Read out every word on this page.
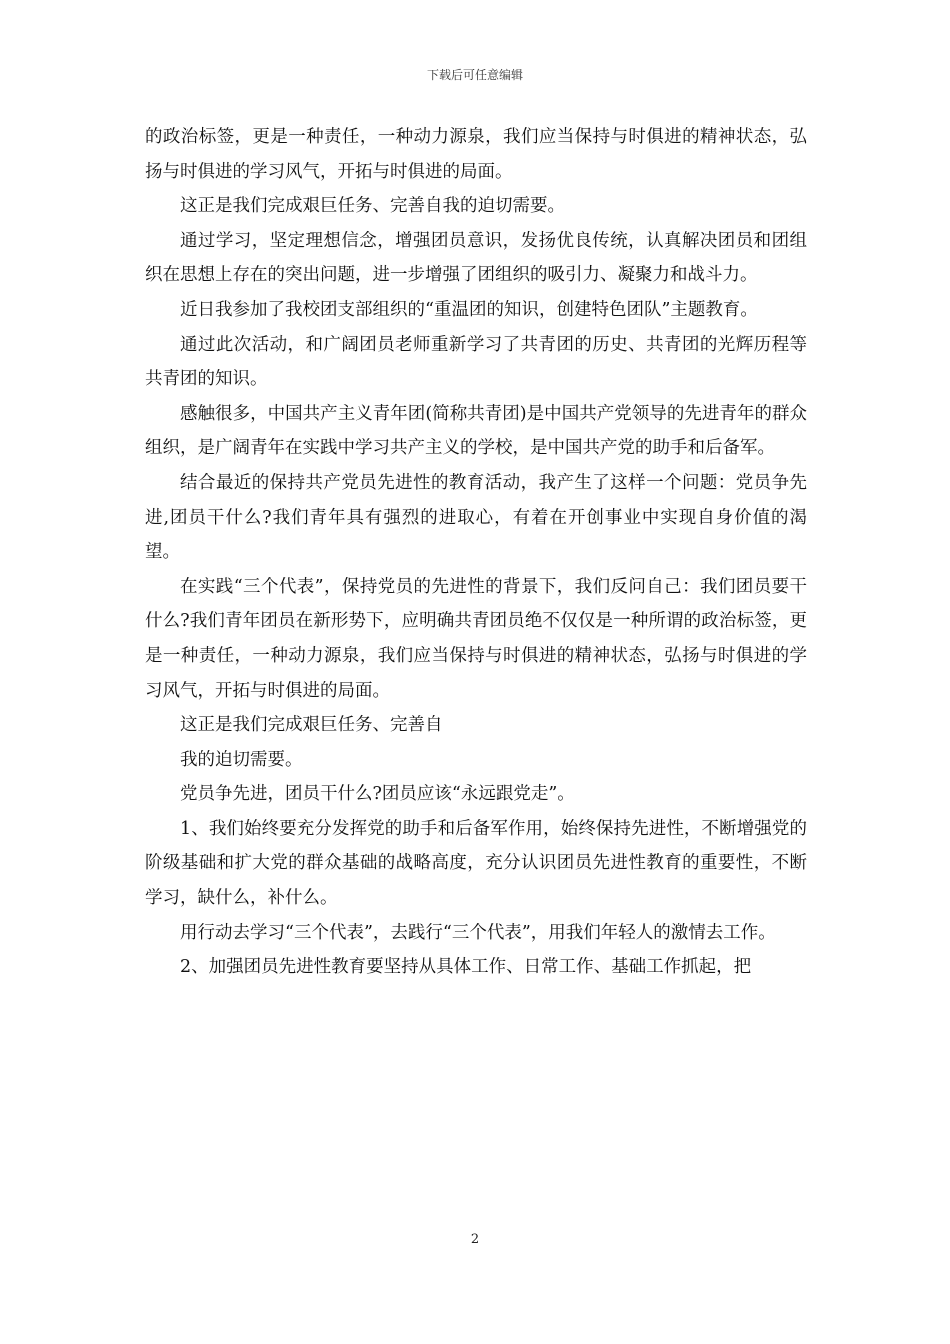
下载后可任意编辑

的政治标签，更是一种责任，一种动力源泉，我们应当保持与时俱进的精神状态，弘扬与时俱进的学习风气，开拓与时俱进的局面。

这正是我们完成艰巨任务、完善自我的迫切需要。

通过学习，坚定理想信念，增强团员意识，发扬优良传统，认真解决团员和团组织在思想上存在的突出问题，进一步增强了团组织的吸引力、凝聚力和战斗力。

近日我参加了我校团支部组织的“重温团的知识，创建特色团队”主题教育。

通过此次活动，和广阔团员老师重新学习了共青团的历史、共青团的光辉历程等共青团的知识。

感触很多，中国共产主义青年团(简称共青团)是中国共产党领导的先进青年的群众组织，是广阔青年在实践中学习共产主义的学校，是中国共产党的助手和后备军。

结合最近的保持共产党员先进性的教育活动，我产生了这样一个问题：党员争先进,团员干什么?我们青年具有强烈的进取心，有着在开创事业中实现自身价值的渴望。

在实践“三个代表”，保持党员的先进性的背景下，我们反问自己：我们团员要干什么?我们青年团员在新形势下，应明确共青团员绝不仅仅是一种所谓的政治标签，更是一种责任，一种动力源泉，我们应当保持与时俱进的精神状态，弘扬与时俱进的学习风气，开拓与时俱进的局面。

这正是我们完成艰巨任务、完善自

我的迫切需要。

党员争先进，团员干什么?团员应该“永远跟党走”。

1、我们始终要充分发挥党的助手和后备军作用，始终保持先进性，不断增强党的阶级基础和扩大党的群众基础的战略高度，充分认识团员先进性教育的重要性，不断学习，缺什么，补什么。

用行动去学习“三个代表”，去践行“三个代表”，用我们年轻人的激情去工作。

2、加强团员先进性教育要坚持从具体工作、日常工作、基础工作抓起，把

2
